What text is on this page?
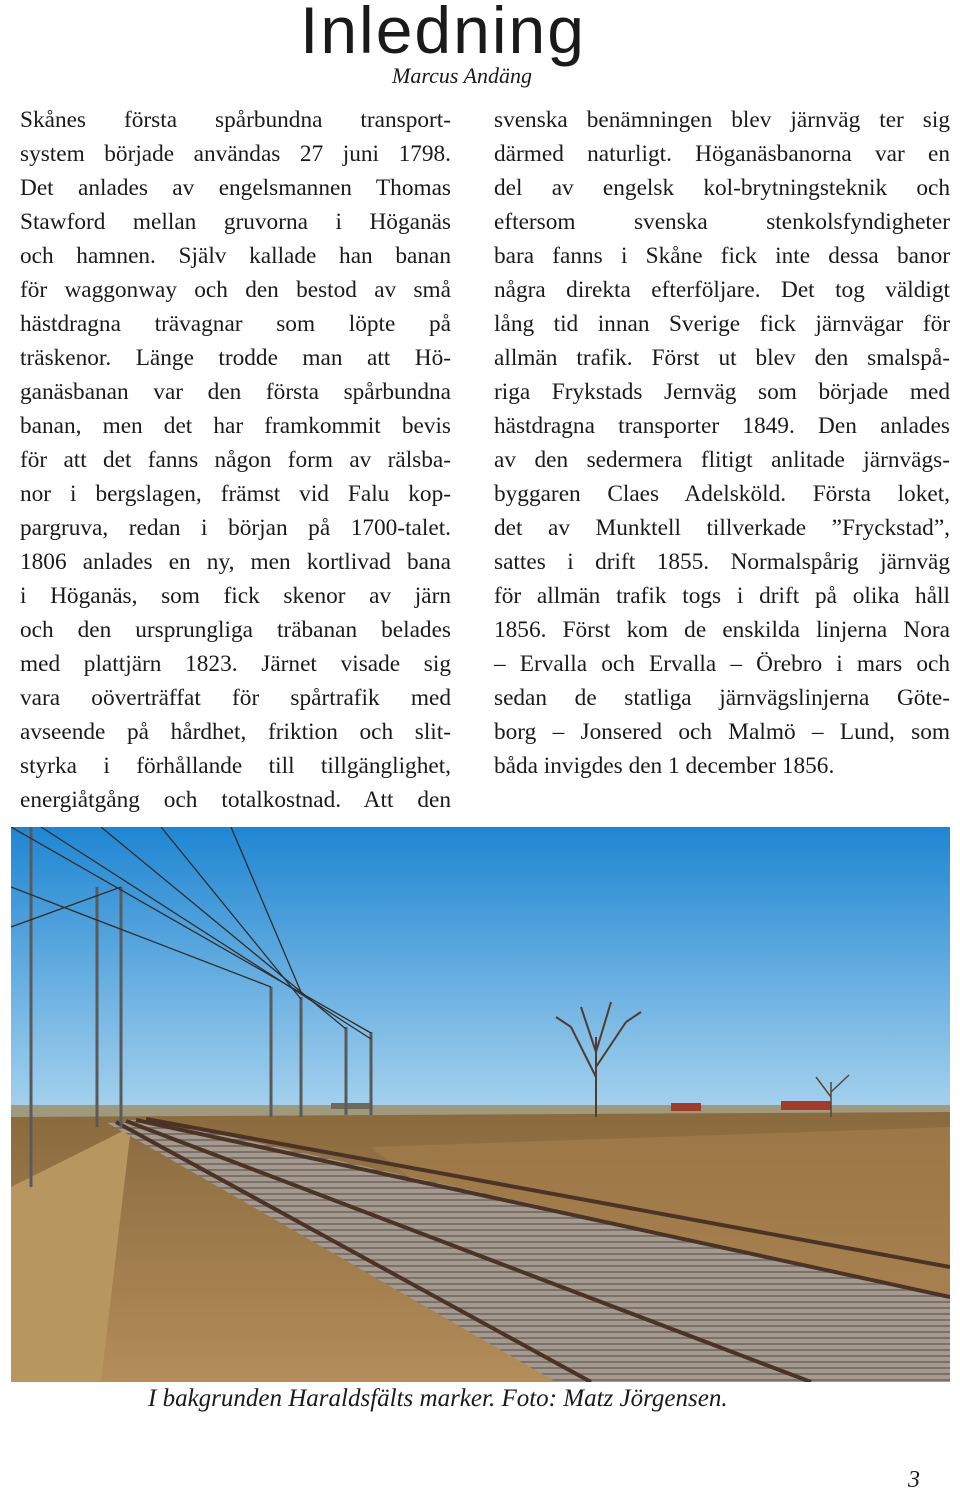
Inledning
Marcus Andäng
Skånes första spårbundna transport-
system började användas 27 juni 1798.
Det anlades av engelsmannen Thomas
Stawford mellan gruvorna i Höganäs
och hamnen. Själv kallade han banan
för waggonway och den bestod av små
hästdragna trävagnar som löpte på
träskenor. Länge trodde man att Hö-
ganäsbanan var den första spårbundna
banan, men det har framkommit bevis
för att det fanns någon form av rälsba-
nor i bergslagen, främst vid Falu kop-
pargruva, redan i början på 1700-talet.
1806 anlades en ny, men kortlivad bana
i Höganäs, som fick skenor av järn
och den ursprungliga träbanan belades
med plattjärn 1823. Järnet visade sig
vara oöverträffat för spårtrafik med
avseende på hårdhet, friktion och slit-
styrka i förhållande till tillgänglighet,
energiåtgång och totalkostnad. Att den
svenska benämningen blev järnväg ter sig
därmed naturligt. Höganäsbanorna var en
del av engelsk kol-brytningsteknik och
eftersom svenska stenkolsfyndigheter
bara fanns i Skåne fick inte dessa banor
några direkta efterföljare. Det tog väldigt
lång tid innan Sverige fick järnvägar för
allmän trafik. Först ut blev den smalspå-
riga Frykstads Jernväg som började med
hästdragna transporter 1849. Den anlades
av den sedermera flitigt anlitade järnvägs-
byggaren Claes Adelsköld. Första loket,
det av Munktell tillverkade ”Fryckstad”,
sattes i drift 1855. Normalspårig järnväg
för allmän trafik togs i drift på olika håll
1856. Först kom de enskilda linjerna Nora
– Ervalla och Ervalla – Örebro i mars och
sedan de statliga järnvägslinjerna Göte-
borg – Jonsered och Malmö – Lund, som
båda invigdes den 1 december 1856.
I bakgrunden Haraldsfälts marker. Foto: Matz Jörgensen.
3
